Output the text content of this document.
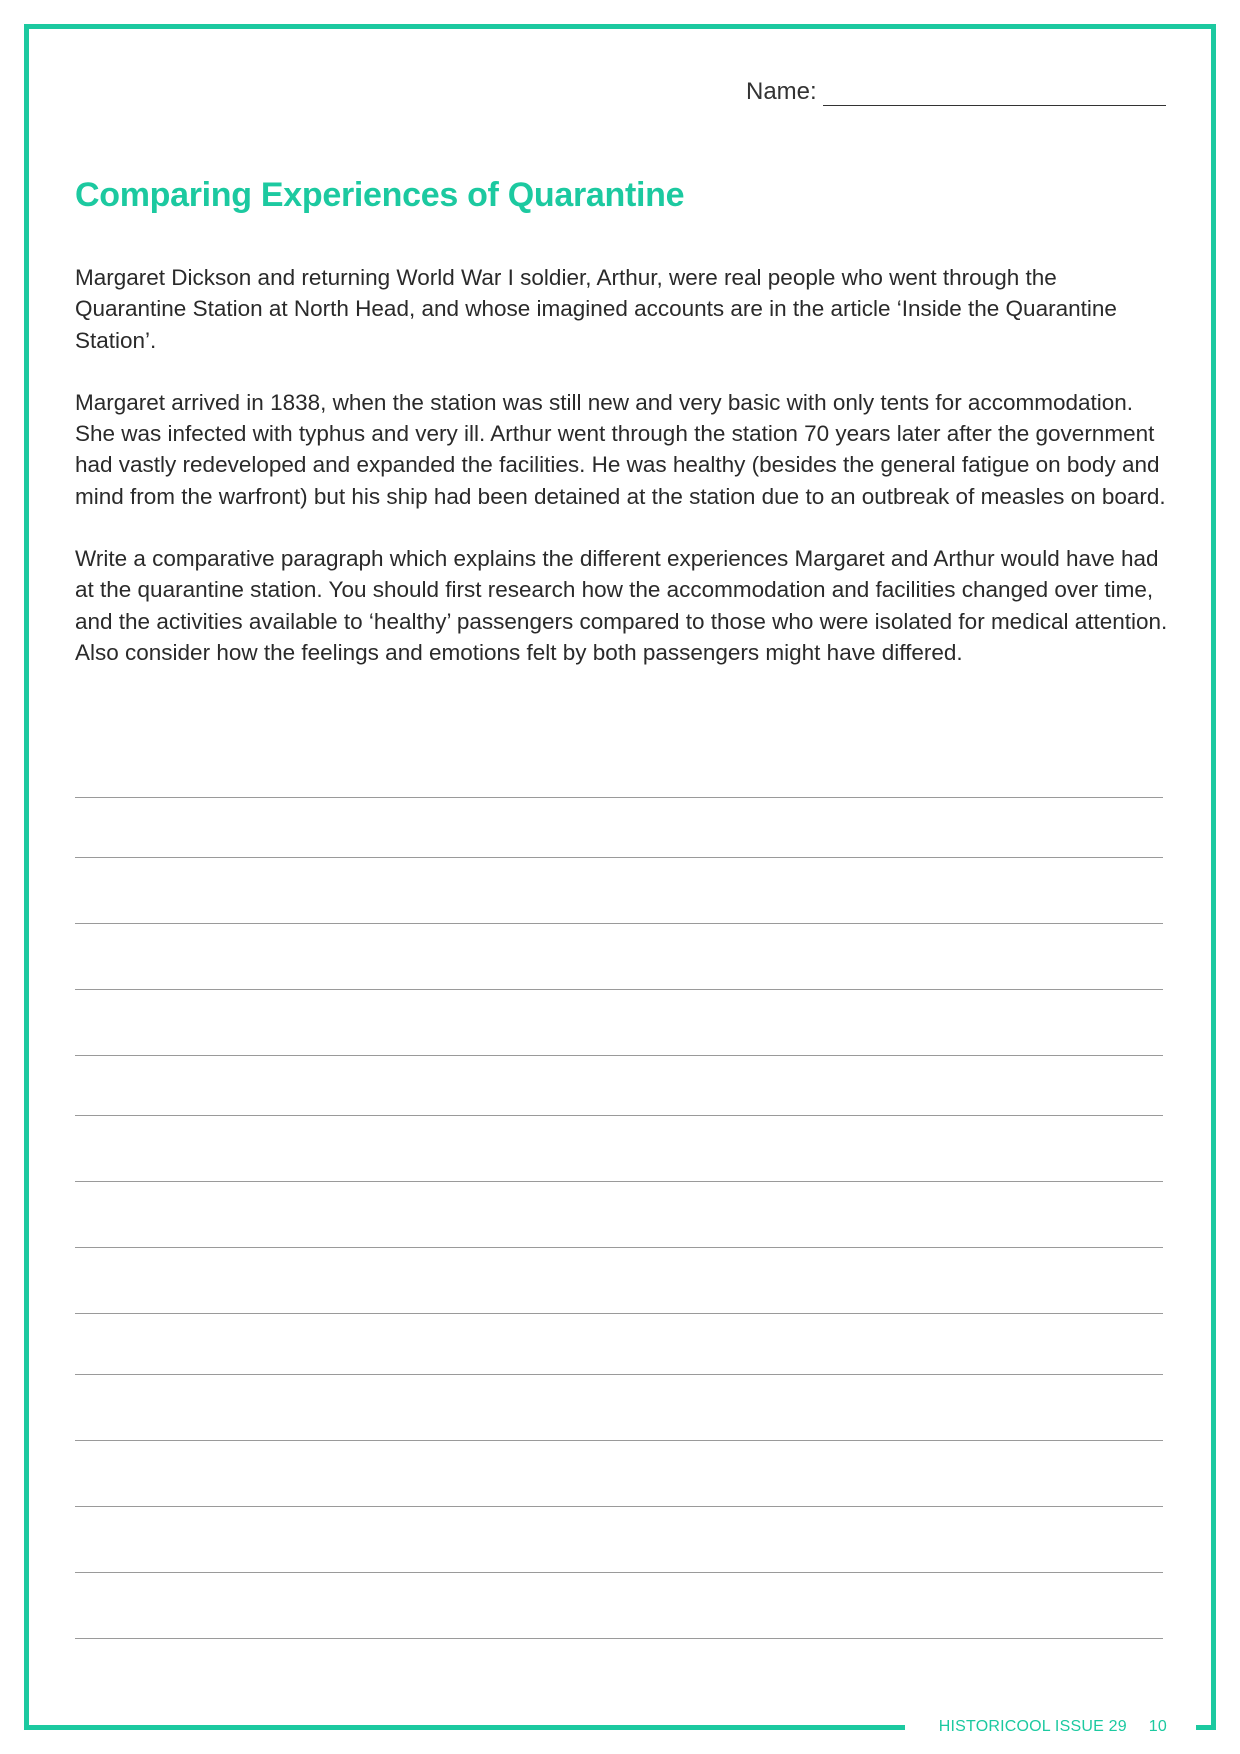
Name:
Comparing Experiences of Quarantine

Margaret Dickson and returning World War I soldier, Arthur, were real people who went through the Quarantine Station at North Head, and whose imagined accounts are in the article ‘Inside the Quarantine Station’.

Margaret arrived in 1838, when the station was still new and very basic with only tents for accommodation. She was infected with typhus and very ill. Arthur went through the station 70 years later after the government had vastly redeveloped and expanded the facilities. He was healthy (besides the general fatigue on body and mind from the warfront) but his ship had been detained at the station due to an outbreak of measles on board.

Write a comparative paragraph which explains the different experiences Margaret and Arthur would have had at the quarantine station. You should first research how the accommodation and facilities changed over time, and the activities available to ‘healthy’ passengers compared to those who were isolated for medical attention. Also consider how the feelings and emotions felt by both passengers might have differed.

HISTORICOOL ISSUE 29 10
